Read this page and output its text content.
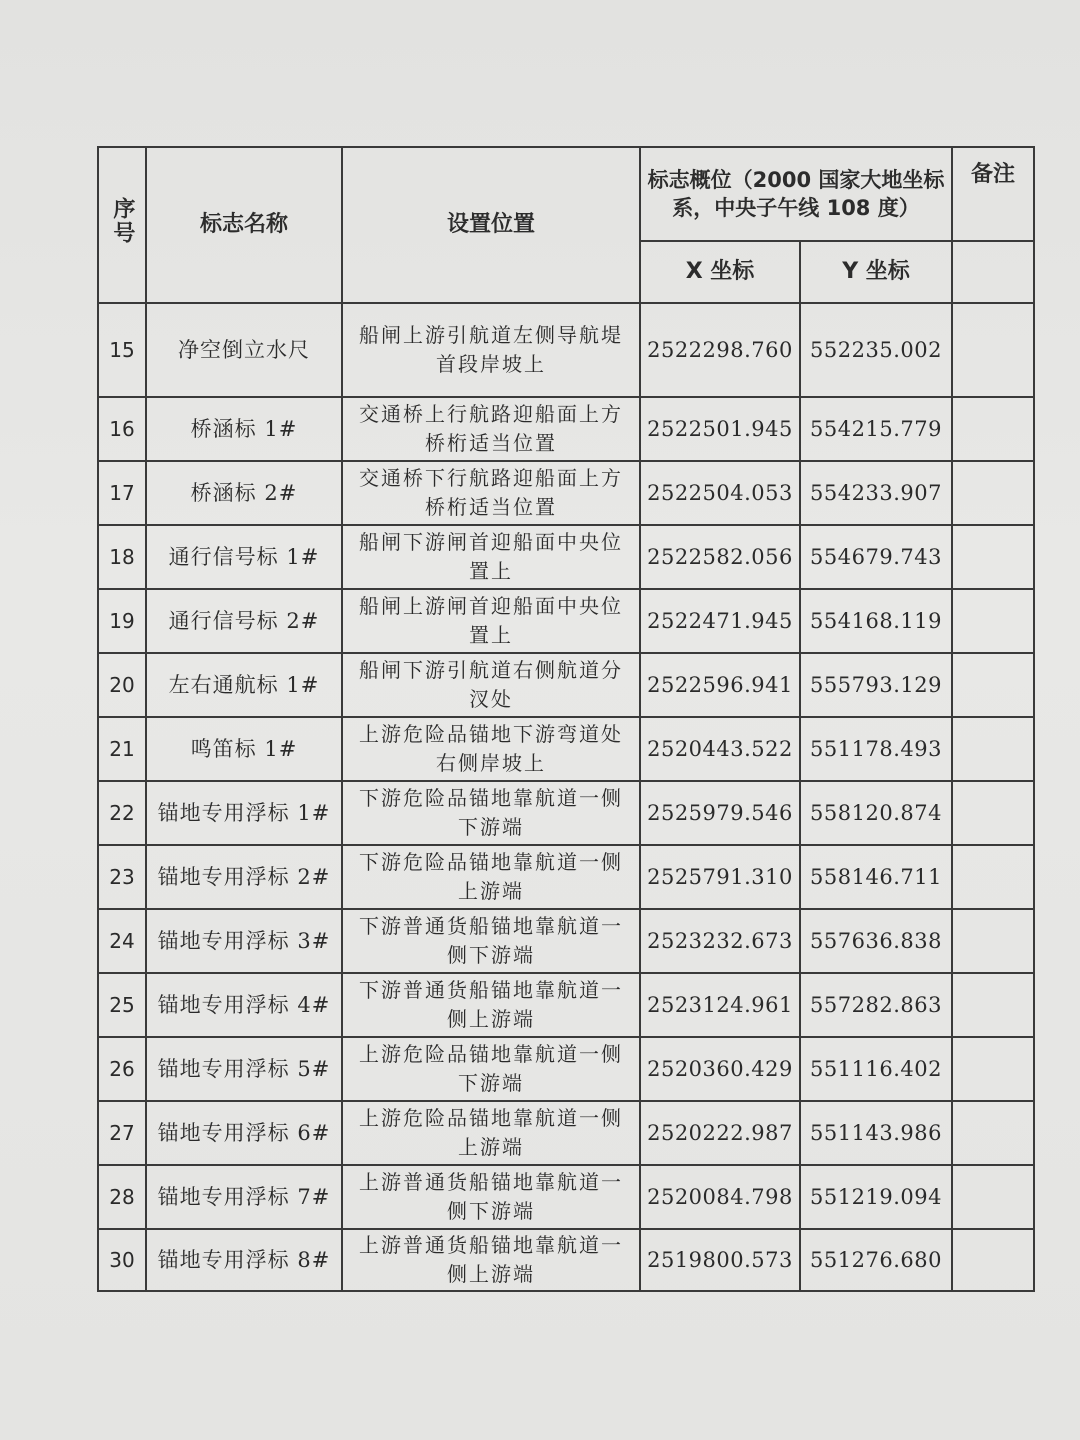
序号	标志名称	设置位置	标志概位（2000 国家大地坐标系，中央子午线 108 度）		备注
			X 坐标	Y 坐标	
15	净空倒立水尺	船闸上游引航道左侧导航堤首段岸坡上	2522298.760	552235.002	
16	桥涵标 1#	交通桥上行航路迎船面上方桥桁适当位置	2522501.945	554215.779	
17	桥涵标 2#	交通桥下行航路迎船面上方桥桁适当位置	2522504.053	554233.907	
18	通行信号标 1#	船闸下游闸首迎船面中央位置上	2522582.056	554679.743	
19	通行信号标 2#	船闸上游闸首迎船面中央位置上	2522471.945	554168.119	
20	左右通航标 1#	船闸下游引航道右侧航道分汊处	2522596.941	555793.129	
21	鸣笛标 1#	上游危险品锚地下游弯道处右侧岸坡上	2520443.522	551178.493	
22	锚地专用浮标 1#	下游危险品锚地靠航道一侧下游端	2525979.546	558120.874	
23	锚地专用浮标 2#	下游危险品锚地靠航道一侧上游端	2525791.310	558146.711	
24	锚地专用浮标 3#	下游普通货船锚地靠航道一侧下游端	2523232.673	557636.838	
25	锚地专用浮标 4#	下游普通货船锚地靠航道一侧上游端	2523124.961	557282.863	
26	锚地专用浮标 5#	上游危险品锚地靠航道一侧下游端	2520360.429	551116.402	
27	锚地专用浮标 6#	上游危险品锚地靠航道一侧上游端	2520222.987	551143.986	
28	锚地专用浮标 7#	上游普通货船锚地靠航道一侧下游端	2520084.798	551219.094	
30	锚地专用浮标 8#	上游普通货船锚地靠航道一侧上游端	2519800.573	551276.680	
